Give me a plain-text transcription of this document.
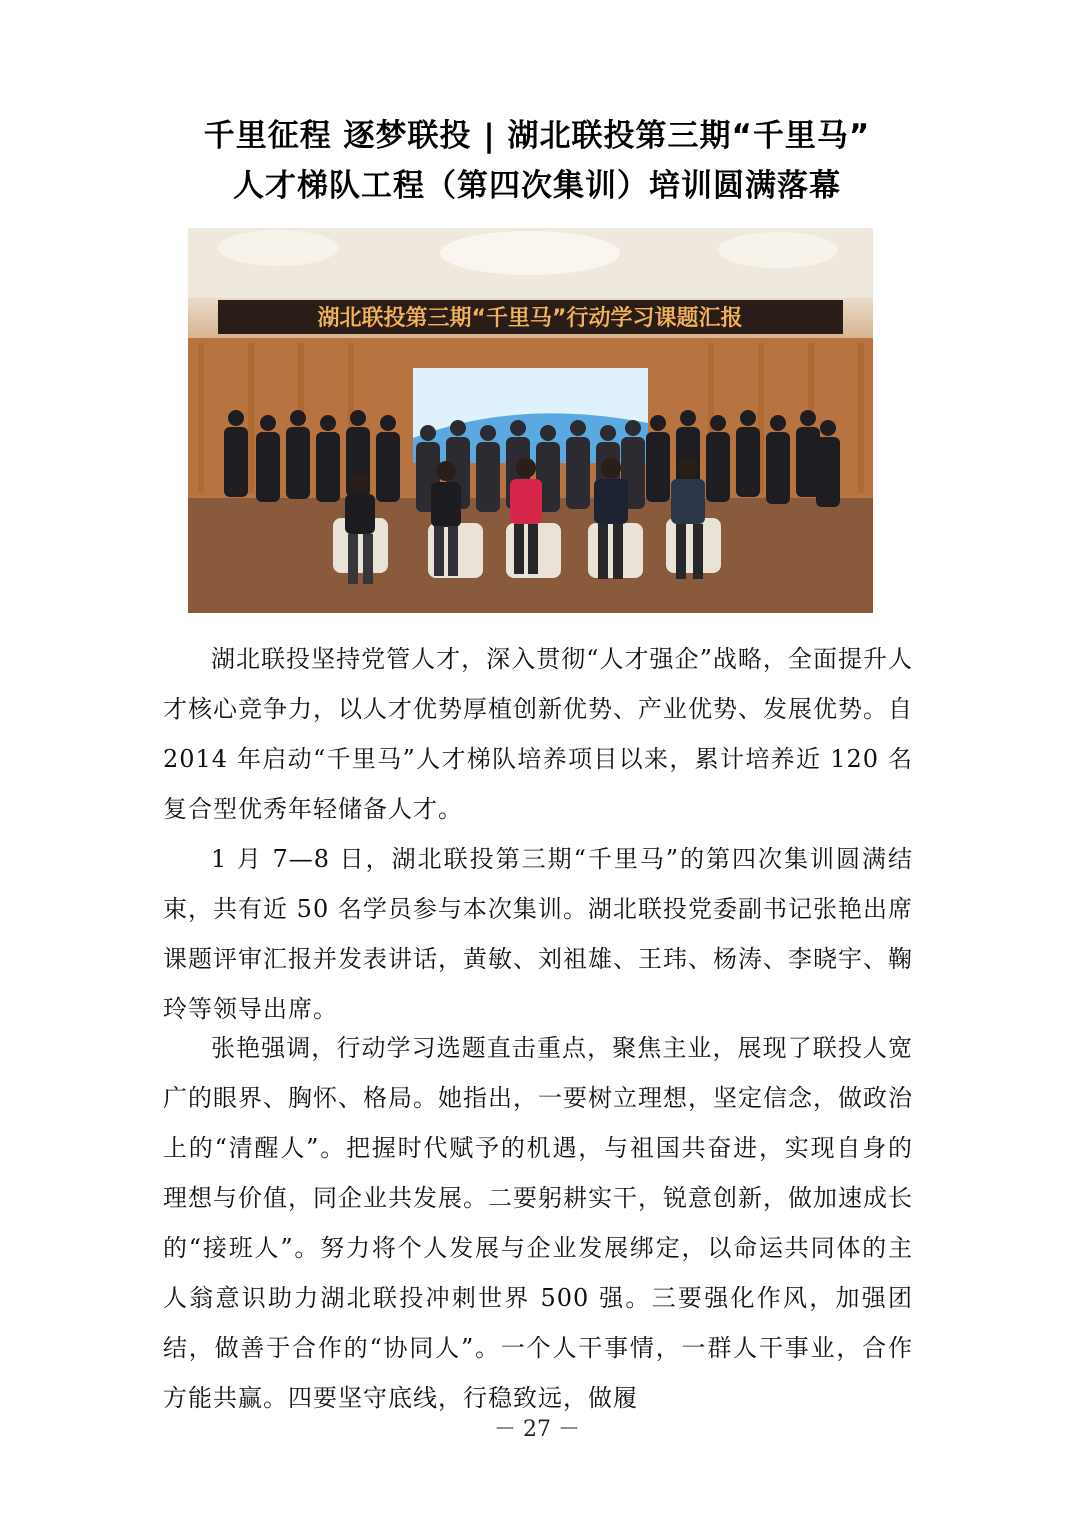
千里征程 逐梦联投 | 湖北联投第三期“千里马”
人才梯队工程（第四次集训）培训圆满落幕
湖北联投第三期“千里马”行动学习课题汇报

湖北联投坚持党管人才，深入贯彻“人才强企”战略，全面提升人才核心竞争力，以人才优势厚植创新优势、产业优势、发展优势。自 2014 年启动“千里马”人才梯队培养项目以来，累计培养近 120 名复合型优秀年轻储备人才。

1 月 7—8 日，湖北联投第三期“千里马”的第四次集训圆满结束，共有近 50 名学员参与本次集训。湖北联投党委副书记张艳出席课题评审汇报并发表讲话，黄敏、刘祖雄、王玮、杨涛、李晓宇、鞠玲等领导出席。

张艳强调，行动学习选题直击重点，聚焦主业，展现了联投人宽广的眼界、胸怀、格局。她指出，一要树立理想，坚定信念，做政治上的“清醒人”。把握时代赋予的机遇，与祖国共奋进，实现自身的理想与价值，同企业共发展。二要躬耕实干，锐意创新，做加速成长的“接班人”。努力将个人发展与企业发展绑定，以命运共同体的主人翁意识助力湖北联投冲刺世界 500 强。三要强化作风，加强团结，做善于合作的“协同人”。一个人干事情，一群人干事业，合作方能共赢。四要坚守底线，行稳致远，做履

－ 27 －
